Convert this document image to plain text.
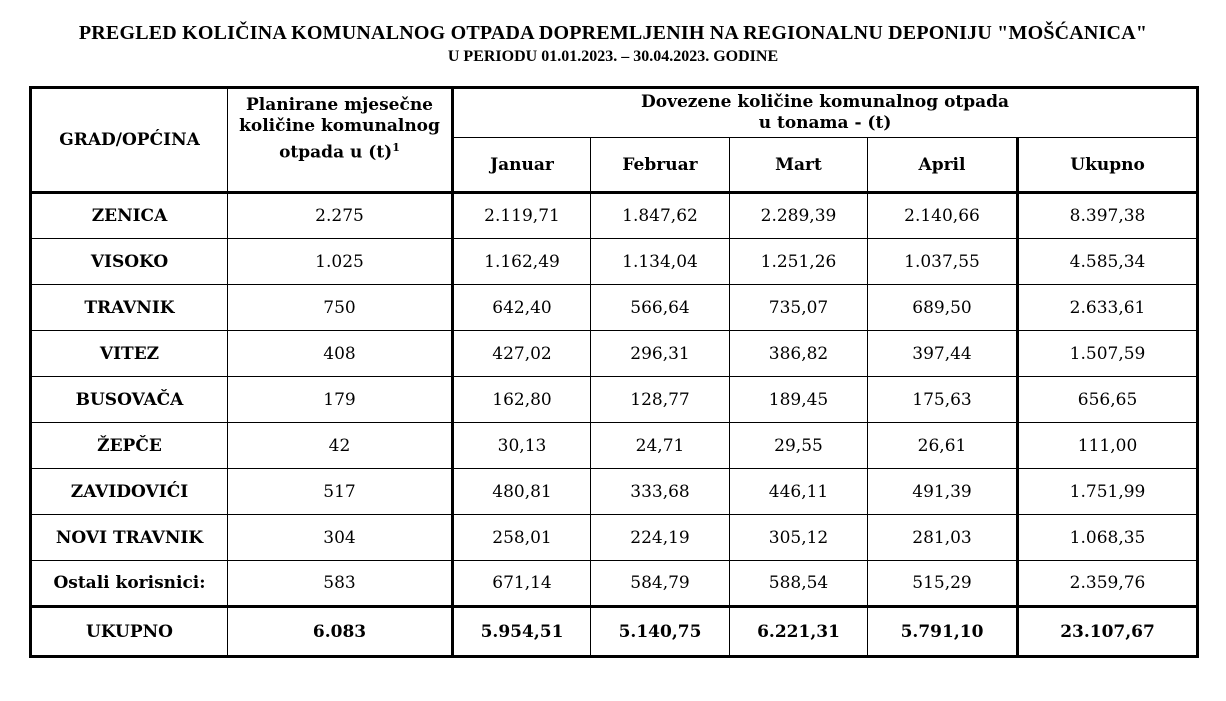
PREGLED KOLIČINA KOMUNALNOG OTPADA DOPREMLJENIH NA REGIONALNU DEPONIJU "MOŠĆANICA"
U PERIODU 01.01.2023. – 30.04.2023. GODINE
GRAD/OPĆINA	Planirane mjesečne
količine komunalnog
otpada u $(t)^1$	Dovezene količine komunalnog otpada
u tonama - (t)				
		Januar	Februar	Mart	April	Ukupno
ZENICA	2.275	2.119,71	1.847,62	2.289,39	2.140,66	8.397,38
VISOKO	1.025	1.162,49	1.134,04	1.251,26	1.037,55	4.585,34
TRAVNIK	750	642,40	566,64	735,07	689,50	2.633,61
VITEZ	408	427,02	296,31	386,82	397,44	1.507,59
BUSOVAČA	179	162,80	128,77	189,45	175,63	656,65
ŽEPČE	42	30,13	24,71	29,55	26,61	111,00
ZAVIDOVIĆI	517	480,81	333,68	446,11	491,39	1.751,99
NOVI TRAVNIK	304	258,01	224,19	305,12	281,03	1.068,35
Ostali korisnici:	583	671,14	584,79	588,54	515,29	2.359,76
UKUPNO	6.083	5.954,51	5.140,75	6.221,31	5.791,10	23.107,67
